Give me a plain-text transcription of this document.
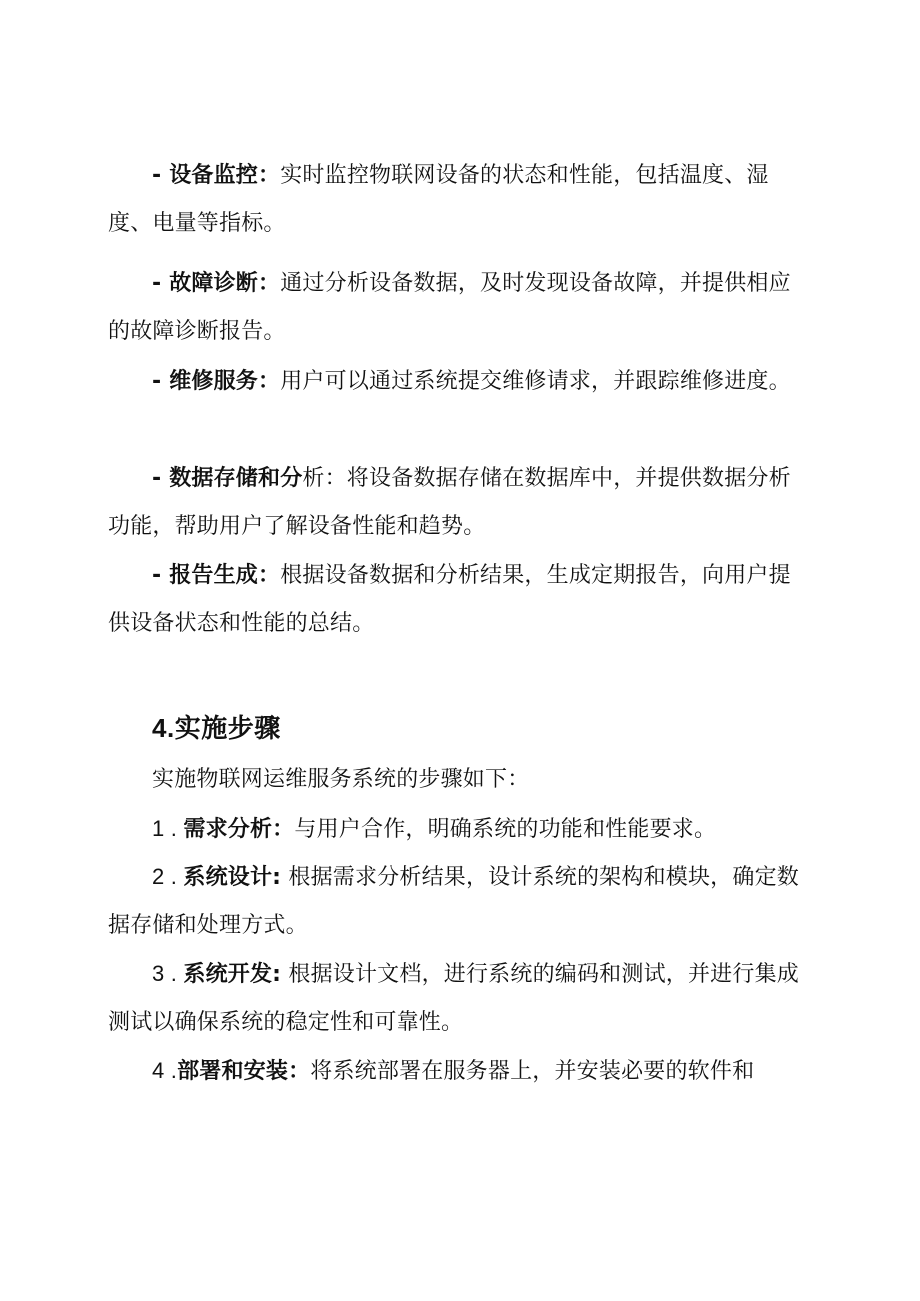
- 设备监控：实时监控物联网设备的状态和性能，包括温度、湿度、电量等指标。

- 故障诊断：通过分析设备数据，及时发现设备故障，并提供相应的故障诊断报告。

- 维修服务：用户可以通过系统提交维修请求，并跟踪维修进度。

- 数据存储和分析：将设备数据存储在数据库中，并提供数据分析功能，帮助用户了解设备性能和趋势。

- 报告生成：根据设备数据和分析结果，生成定期报告，向用户提供设备状态和性能的总结。

4.实施步骤

实施物联网运维服务系统的步骤如下：

1 . 需求分析：与用户合作，明确系统的功能和性能要求。

2 . 系统设计: 根据需求分析结果，设计系统的架构和模块，确定数据存储和处理方式。

3 . 系统开发: 根据设计文档，进行系统的编码和测试，并进行集成测试以确保系统的稳定性和可靠性。

4 .部署和安装：将系统部署在服务器上，并安装必要的软件和
